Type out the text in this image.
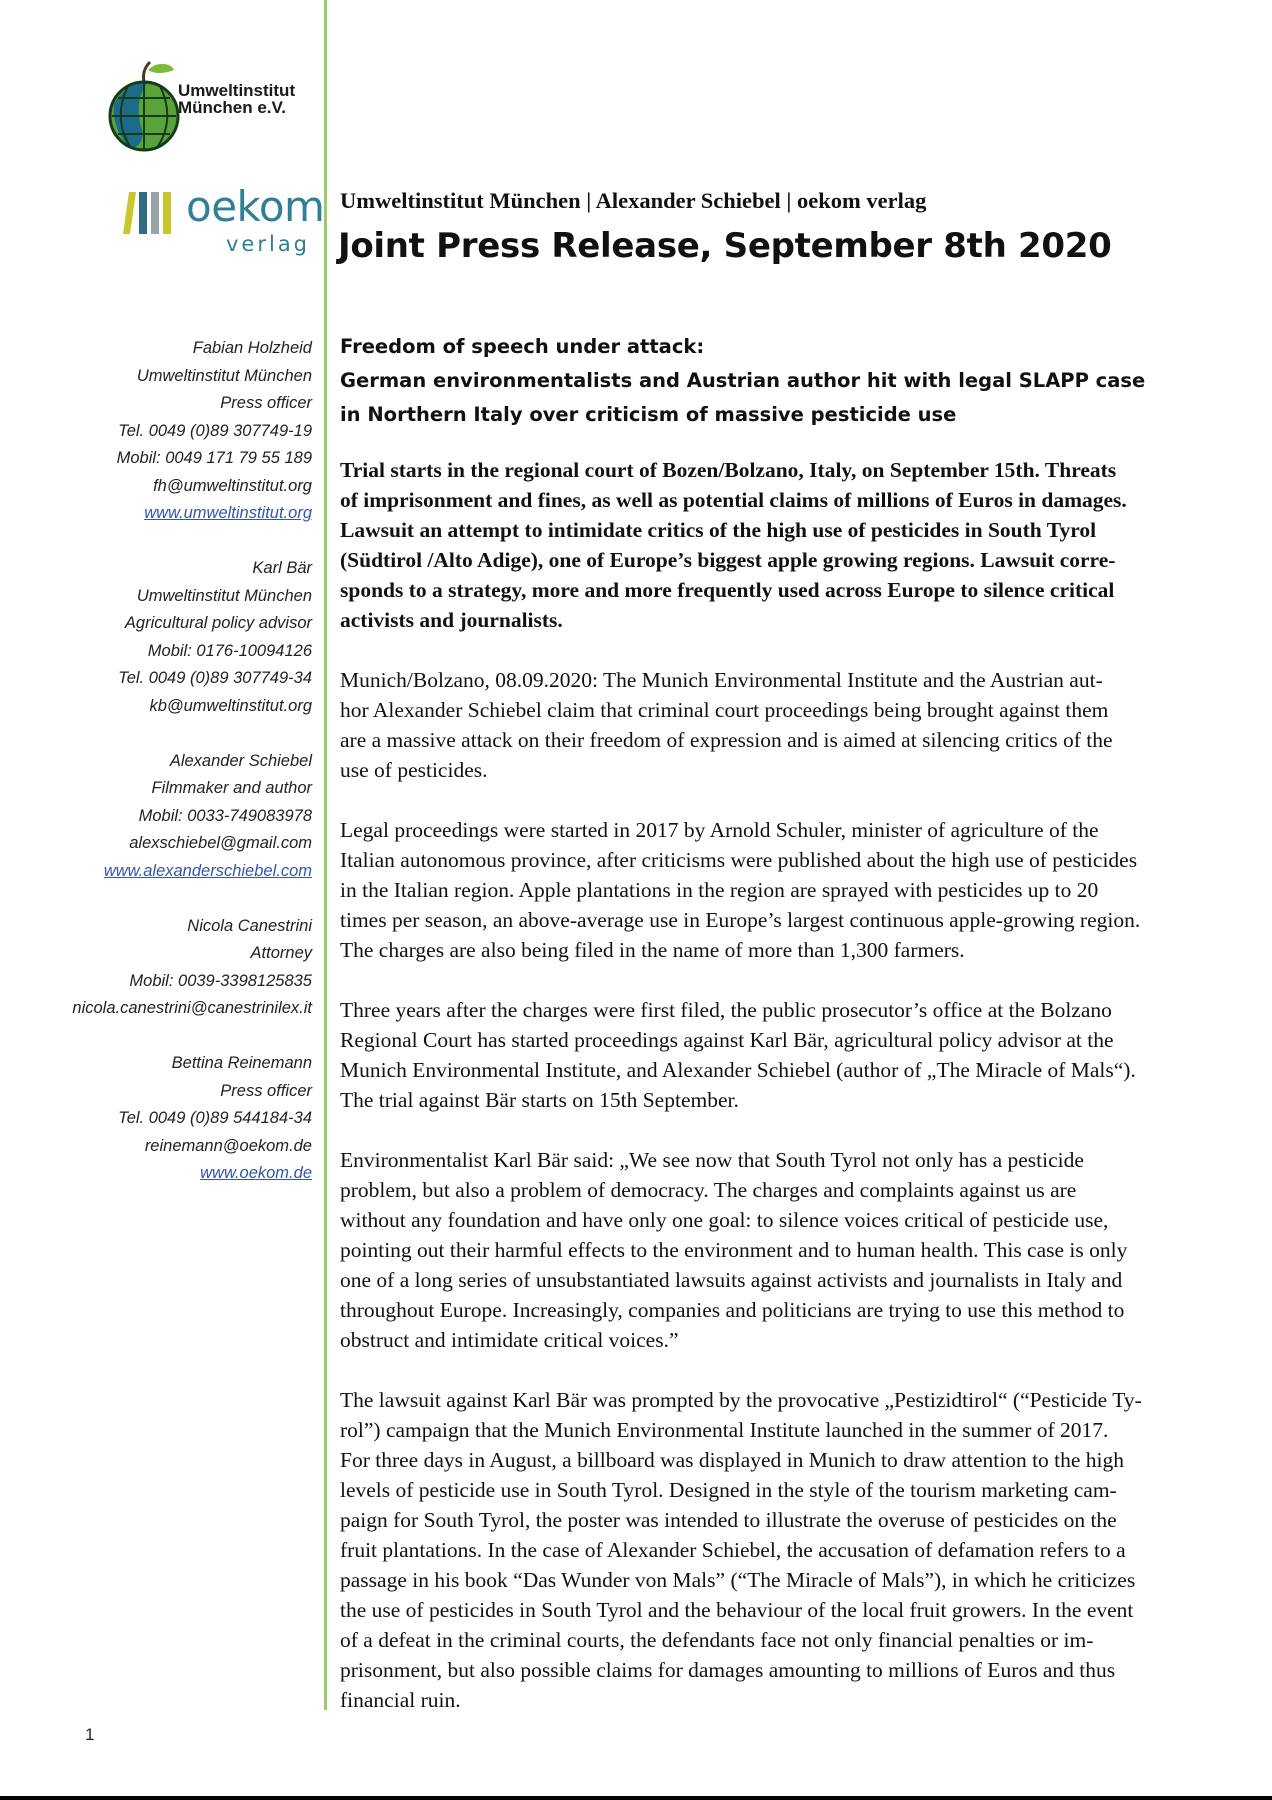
Umweltinstitut
München e.V.
oekom
verlag
Umweltinstitut München | Alexander Schiebel | oekom verlag
Joint Press Release, September 8th 2020
Fabian Holzheid
Umweltinstitut München
Press officer
Tel. 0049 (0)89 307749-19
Mobil: 0049 171 79 55 189
fh@umweltinstitut.org
www.umweltinstitut.org
Karl Bär
Umweltinstitut München
Agricultural policy advisor
Mobil: 0176-10094126
Tel. 0049 (0)89 307749-34
kb@umweltinstitut.org
Alexander Schiebel
Filmmaker and author
Mobil: 0033-749083978
alexschiebel@gmail.com
www.alexanderschiebel.com
Nicola Canestrini
Attorney
Mobil: 0039-3398125835
nicola.canestrini@canestrinilex.it
Bettina Reinemann
Press officer
Tel. 0049 (0)89 544184-34
reinemann@oekom.de
www.oekom.de
Freedom of speech under attack:
German environmentalists and Austrian author hit with legal SLAPP case
in Northern Italy over criticism of massive pesticide use

Trial starts in the regional court of Bozen/Bolzano, Italy, on September 15th. Threats
of imprisonment and fines, as well as potential claims of millions of Euros in damages.
Lawsuit an attempt to intimidate critics of the high use of pesticides in South Tyrol
(Südtirol /Alto Adige), one of Europe’s biggest apple growing regions. Lawsuit corre-
sponds to a strategy, more and more frequently used across Europe to silence critical
activists and journalists.

Munich/Bolzano, 08.09.2020: The Munich Environmental Institute and the Austrian aut-
hor Alexander Schiebel claim that criminal court proceedings being brought against them
are a massive attack on their freedom of expression and is aimed at silencing critics of the
use of pesticides.

Legal proceedings were started in 2017 by Arnold Schuler, minister of agriculture of the
Italian autonomous province, after criticisms were published about the high use of pesticides
in the Italian region. Apple plantations in the region are sprayed with pesticides up to 20
times per season, an above-average use in Europe’s largest continuous apple-growing region.
The charges are also being filed in the name of more than 1,300 farmers.

Three years after the charges were first filed, the public prosecutor’s office at the Bolzano
Regional Court has started proceedings against Karl Bär, agricultural policy advisor at the
Munich Environmental Institute, and Alexander Schiebel (author of „The Miracle of Mals“).
The trial against Bär starts on 15th September.

Environmentalist Karl Bär said: „We see now that South Tyrol not only has a pesticide
problem, but also a problem of democracy. The charges and complaints against us are
without any foundation and have only one goal: to silence voices critical of pesticide use,
pointing out their harmful effects to the environment and to human health. This case is only
one of a long series of unsubstantiated lawsuits against activists and journalists in Italy and
throughout Europe. Increasingly, companies and politicians are trying to use this method to
obstruct and intimidate critical voices.”

The lawsuit against Karl Bär was prompted by the provocative „Pestizidtirol“ (“Pesticide Ty-
rol”) campaign that the Munich Environmental Institute launched in the summer of 2017.
For three days in August, a billboard was displayed in Munich to draw attention to the high
levels of pesticide use in South Tyrol. Designed in the style of the tourism marketing cam-
paign for South Tyrol, the poster was intended to illustrate the overuse of pesticides on the
fruit plantations. In the case of Alexander Schiebel, the accusation of defamation refers to a
passage in his book “Das Wunder von Mals” (“The Miracle of Mals”), in which he criticizes
the use of pesticides in South Tyrol and the behaviour of the local fruit growers. In the event
of a defeat in the criminal courts, the defendants face not only financial penalties or im-
prisonment, but also possible claims for damages amounting to millions of Euros and thus
financial ruin.

1
